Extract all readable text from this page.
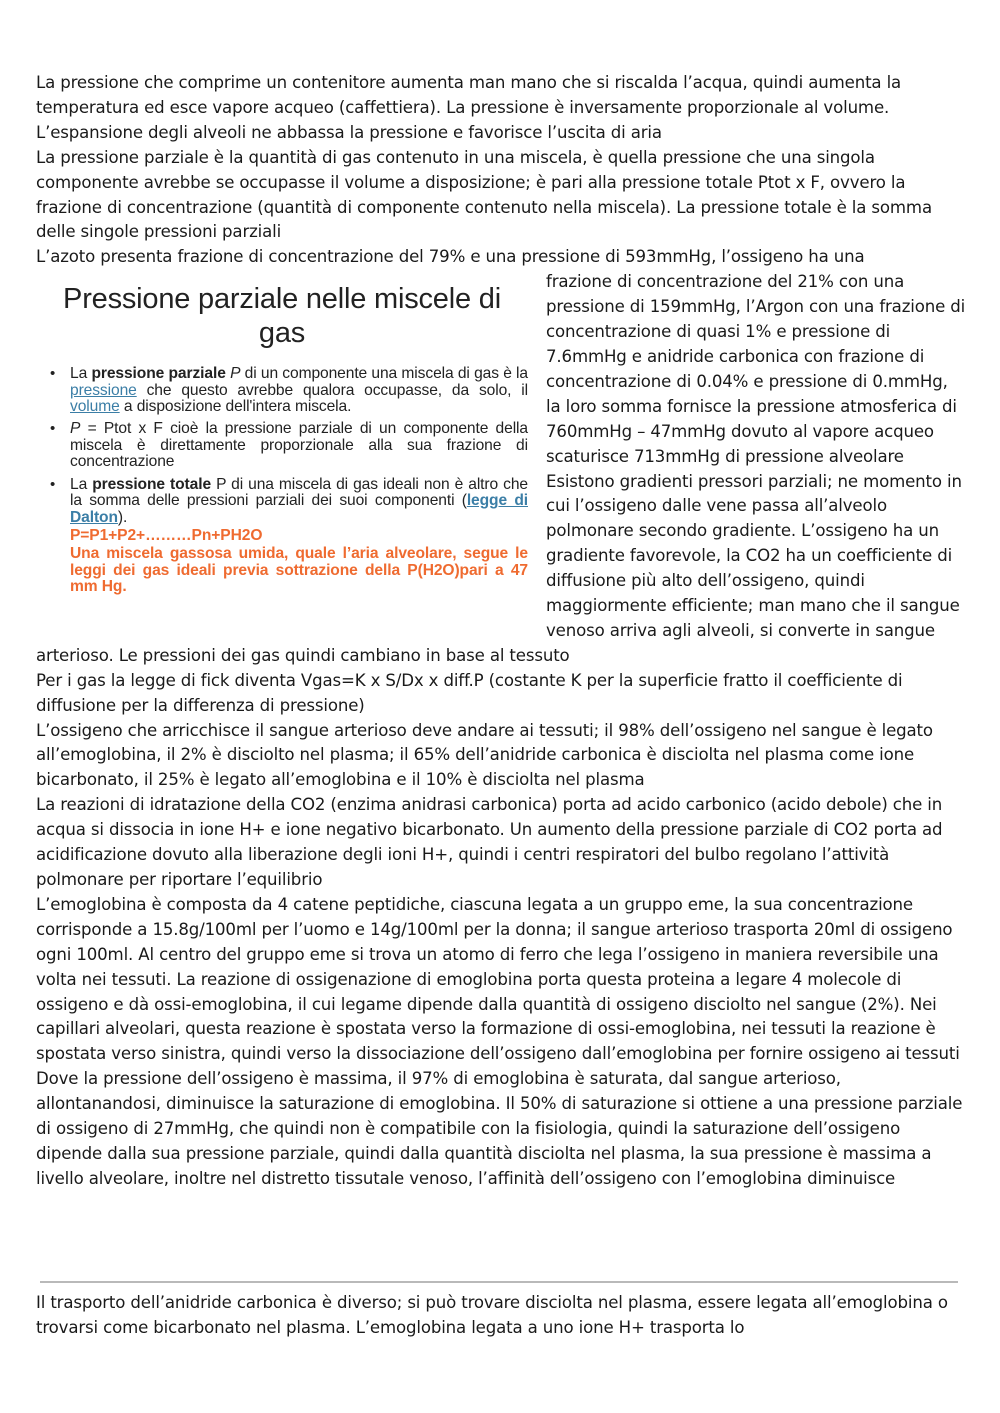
La pressione che comprime un contenitore aumenta man mano che si riscalda l’acqua, quindi aumenta la temperatura ed esce vapore acqueo (caffettiera). La pressione è inversamente proporzionale al volume. L’espansione degli alveoli ne abbassa la pressione e favorisce l’uscita di aria

La pressione parziale è la quantità di gas contenuto in una miscela, è quella pressione che una singola componente avrebbe se occupasse il volume a disposizione; è pari alla pressione totale Ptot x F, ovvero la frazione di concentrazione (quantità di componente contenuto nella miscela). La pressione totale è la somma delle singole pressioni parziali

L’azoto presenta frazione di concentrazione del 79% e una pressione di 593mmHg, l’ossigeno ha una

Pressione parziale nelle miscele di gas
• La pressione parziale P di un componente una miscela di gas è la pressione che questo avrebbe qualora occupasse, da solo, il volume a disposizione dell'intera miscela.
• P = Ptot x F cioè la pressione parziale di un componente della miscela è direttamente proporzionale alla sua frazione di concentrazione
• La pressione totale P di una miscela di gas ideali non è altro che la somma delle pressioni parziali dei suoi componenti (legge di Dalton).
P=P1+P2+………Pn+PH2O
Una miscela gassosa umida, quale l’aria alveolare, segue le leggi dei gas ideali previa sottrazione della P(H2O)pari a 47 mm Hg.

frazione di concentrazione del 21% con una pressione di 159mmHg, l’Argon con una frazione di concentrazione di quasi 1% e pressione di 7.6mmHg e anidride carbonica con frazione di concentrazione di 0.04% e pressione di 0.mmHg, la loro somma fornisce la pressione atmosferica di 760mmHg – 47mmHg dovuto al vapore acqueo scaturisce 713mmHg di pressione alveolare

Esistono gradienti pressori parziali; ne momento in cui l’ossigeno dalle vene passa all’alveolo polmonare secondo gradiente. L’ossigeno ha un gradiente favorevole, la CO2 ha un coefficiente di diffusione più alto dell’ossigeno, quindi maggiormente efficiente; man mano che il sangue venoso arriva agli alveoli, si converte in sangue arterioso. Le pressioni dei gas quindi cambiano in base al tessuto

Per i gas la legge di fick diventa Vgas=K x S/Dx x diff.P (costante K per la superficie fratto il coefficiente di diffusione per la differenza di pressione)

L’ossigeno che arricchisce il sangue arterioso deve andare ai tessuti; il 98% dell’ossigeno nel sangue è legato all’emoglobina, il 2% è disciolto nel plasma; il 65% dell’anidride carbonica è disciolta nel plasma come ione bicarbonato, il 25% è legato all’emoglobina e il 10% è disciolta nel plasma

La reazioni di idratazione della CO2 (enzima anidrasi carbonica) porta ad acido carbonico (acido debole) che in acqua si dissocia in ione H+ e ione negativo bicarbonato. Un aumento della pressione parziale di CO2 porta ad acidificazione dovuto alla liberazione degli ioni H+, quindi i centri respiratori del bulbo regolano l’attività polmonare per riportare l’equilibrio

L’emoglobina è composta da 4 catene peptidiche, ciascuna legata a un gruppo eme, la sua concentrazione corrisponde a 15.8g/100ml per l’uomo e 14g/100ml per la donna; il sangue arterioso trasporta 20ml di ossigeno ogni 100ml. Al centro del gruppo eme si trova un atomo di ferro che lega l’ossigeno in maniera reversibile una volta nei tessuti. La reazione di ossigenazione di emoglobina porta questa proteina a legare 4 molecole di ossigeno e dà ossi-emoglobina, il cui legame dipende dalla quantità di ossigeno disciolto nel sangue (2%). Nei capillari alveolari, questa reazione è spostata verso la formazione di ossi-emoglobina, nei tessuti la reazione è spostata verso sinistra, quindi verso la dissociazione dell’ossigeno dall’emoglobina per fornire ossigeno ai tessuti

Dove la pressione dell’ossigeno è massima, il 97% di emoglobina è saturata, dal sangue arterioso, allontanandosi, diminuisce la saturazione di emoglobina. Il 50% di saturazione si ottiene a una pressione parziale di ossigeno di 27mmHg, che quindi non è compatibile con la fisiologia, quindi la saturazione dell’ossigeno dipende dalla sua pressione parziale, quindi dalla quantità disciolta nel plasma, la sua pressione è massima a livello alveolare, inoltre nel distretto tissutale venoso, l’affinità dell’ossigeno con l’emoglobina diminuisce

Il trasporto dell’anidride carbonica è diverso; si può trovare disciolta nel plasma, essere legata all’emoglobina o trovarsi come bicarbonato nel plasma. L’emoglobina legata a uno ione H+ trasporta lo
